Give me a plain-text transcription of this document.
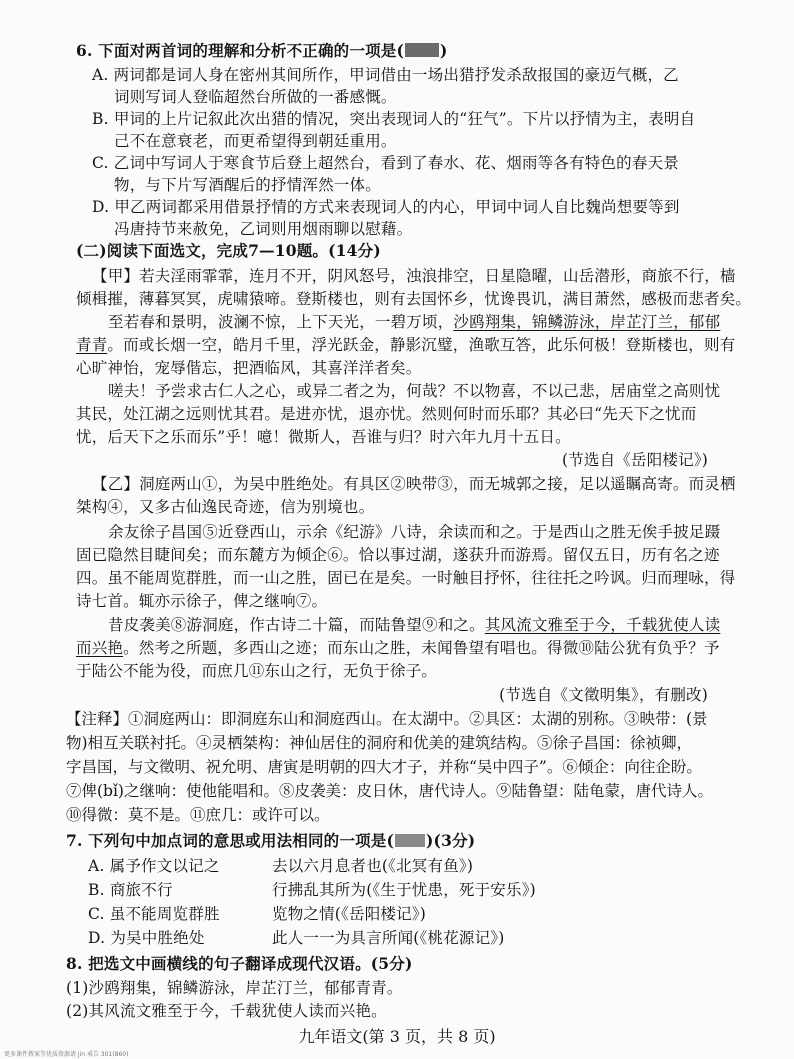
6. 下面对两首词的理解和分析不正确的一项是( )
A. 两词都是词人身在密州其间所作，甲词借由一场出猎抒发杀敌报国的豪迈气概，乙
词则写词人登临超然台所做的一番感慨。
B. 甲词的上片记叙此次出猎的情况，突出表现词人的“狂气”。下片以抒情为主，表明自
己不在意衰老，而更希望得到朝廷重用。
C. 乙词中写词人于寒食节后登上超然台，看到了春水、花、烟雨等各有特色的春天景
物，与下片写酒醒后的抒情浑然一体。
D. 甲乙两词都采用借景抒情的方式来表现词人的内心，甲词中词人自比魏尚想要等到
冯唐持节来赦免，乙词则用烟雨聊以慰藉。
(二)阅读下面选文，完成7—10题。(14分)
【甲】若夫淫雨霏霏，连月不开，阴风怒号，浊浪排空，日星隐曜，山岳潜形，商旅不行，樯
倾楫摧，薄暮冥冥，虎啸猿啼。登斯楼也，则有去国怀乡，忧谗畏讥，满目萧然，感极而悲者矣。
至若春和景明，波澜不惊，上下天光，一碧万顷，沙鸥翔集，锦鳞游泳，岸芷汀兰，郁郁
青青。而或长烟一空，皓月千里，浮光跃金，静影沉璧，渔歌互答，此乐何极！登斯楼也，则有
心旷神怡，宠辱偕忘，把酒临风，其喜洋洋者矣。
嗟夫！予尝求古仁人之心，或异二者之为，何哉？不以物喜，不以己悲，居庙堂之高则忧
其民，处江湖之远则忧其君。是进亦忧，退亦忧。然则何时而乐耶？其必曰“先天下之忧而
忧，后天下之乐而乐”乎！噫！微斯人，吾谁与归？时六年九月十五日。
(节选自《岳阳楼记》)
【乙】洞庭两山①，为吴中胜绝处。有具区②映带③，而无城郭之接，足以遥瞩高寄。而灵栖
桀构④，又多古仙逸民奇迹，信为别境也。
余友徐子昌国⑤近登西山，示余《纪游》八诗，余读而和之。于是西山之胜无俟手披足蹑
固已隐然目睫间矣；而东麓方为倾企⑥。恰以事过湖，遂获升而游焉。留仅五日，历有名之迹
四。虽不能周览群胜，而一山之胜，固已在是矣。一时触目抒怀，往往托之吟讽。归而理咏，得
诗七首。辄亦示徐子，俾之继响⑦。
昔皮袭美⑧游洞庭，作古诗二十篇，而陆鲁望⑨和之。其风流文雅至于今，千载犹使人读
而兴艳。然考之所题，多西山之迹；而东山之胜，未闻鲁望有唱也。得微⑩陆公犹有负乎？予
于陆公不能为役，而庶几⑪东山之行，无负于徐子。
(节选自《文徵明集》，有删改)
【注释】①洞庭两山：即洞庭东山和洞庭西山。在太湖中。②具区：太湖的别称。③映带：(景
物)相互关联衬托。④灵栖桀构：神仙居住的洞府和优美的建筑结构。⑤徐子昌国：徐祯卿，
字昌国，与文徵明、祝允明、唐寅是明朝的四大才子，并称“吴中四子”。⑥倾企：向往企盼。
⑦俾(bǐ)之继响：使他能唱和。⑧皮袭美：皮日休，唐代诗人。⑨陆鲁望：陆龟蒙，唐代诗人。
⑩得微：莫不是。⑪庶几：或许可以。
7. 下列句中加点词的意思或用法相同的一项是( )(3分)
A. 属予作文以记之	去以六月息者也(《北冥有鱼》)
B. 商旅不行	行拂乱其所为(《生于忧患，死于安乐》)
C. 虽不能周览群胜	览物之情(《岳阳楼记》)
D. 为吴中胜绝处	此人一一为具言所闻(《桃花源记》)
8. 把选文中画横线的句子翻译成现代汉语。(5分)
(1)沙鸥翔集，锦鳞游泳，岸芷汀兰，郁郁青青。
(2)其风流文雅至于今，千载犹使人读而兴艳。
九年语文(第 3 页，共 8 页)
更多课件教案等优质资源请 jin 戒告 301(860)
